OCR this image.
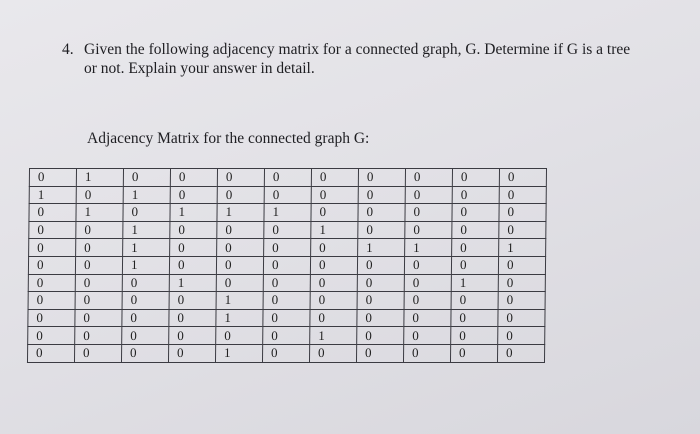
4. Given the following adjacency matrix for a connected graph, G. Determine if G is a tree or not. Explain your answer in detail.
Adjacency Matrix for the connected graph G:
0	1	0	0	0	0	0	0	0	0	0
1	0	1	0	0	0	0	0	0	0	0
0	1	0	1	1	1	0	0	0	0	0
0	0	1	0	0	0	1	0	0	0	0
0	0	1	0	0	0	0	1	1	0	1
0	0	1	0	0	0	0	0	0	0	0
0	0	0	1	0	0	0	0	0	1	0
0	0	0	0	1	0	0	0	0	0	0
0	0	0	0	1	0	0	0	0	0	0
0	0	0	0	0	0	1	0	0	0	0
0	0	0	0	1	0	0	0	0	0	0
